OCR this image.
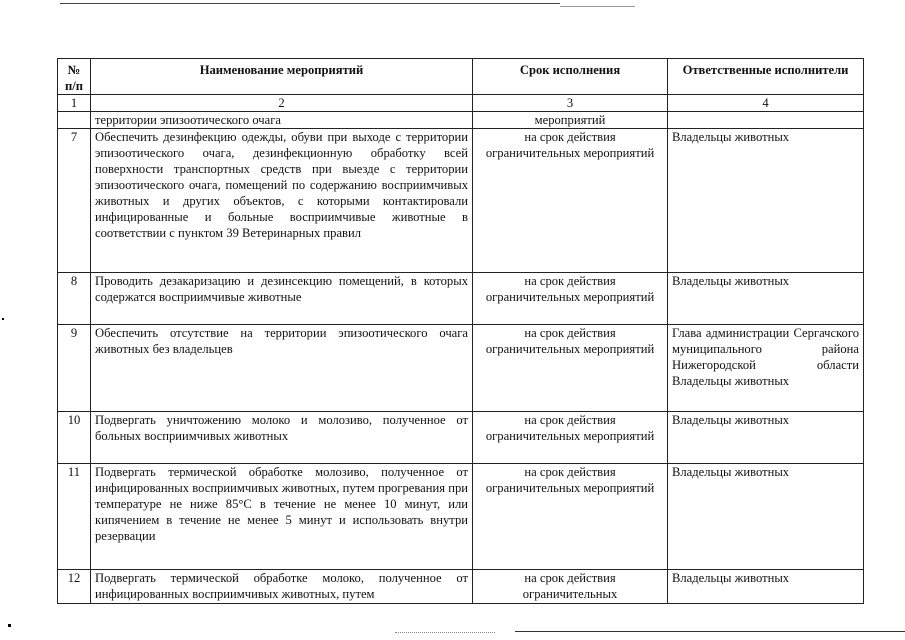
№ п/п	Наименование мероприятий	Срок исполнения	Ответственные исполнители
1	2	3	4
	территории эпизоотического очага	мероприятий	
7	Обеспечить дезинфекцию одежды, обуви при выходе с территории эпизоотического очага, дезинфекционную обработку всей поверхности транспортных средств при выезде с территории эпизоотического очага, помещений по содержанию восприимчивых животных и других объектов, с которыми контактировали инфицированные и больные восприимчивые животные в соответствии с пунктом 39 Ветеринарных правил	на срок действия ограничительных мероприятий	Владельцы животных
8	Проводить дезакаризацию и дезинсекцию помещений, в которых содержатся восприимчивые животные	на срок действия ограничительных мероприятий	Владельцы животных
9	Обеспечить отсутствие на территории эпизоотического очага животных без владельцев	на срок действия ограничительных мероприятий	Глава администрации Сергачского муниципального района Нижегородской области Владельцы животных
10	Подвергать уничтожению молоко и молозиво, полученное от больных восприимчивых животных	на срок действия ограничительных мероприятий	Владельцы животных
11	Подвергать термической обработке молозиво, полученное от инфицированных восприимчивых животных, путем прогревания при температуре не ниже 85°С в течение не менее 10 минут, или кипячением в течение не менее 5 минут и использовать внутри резервации	на срок действия ограничительных мероприятий	Владельцы животных
12	Подвергать термической обработке молоко, полученное от инфицированных восприимчивых животных, путем	на срок действия ограничительных	Владельцы животных
